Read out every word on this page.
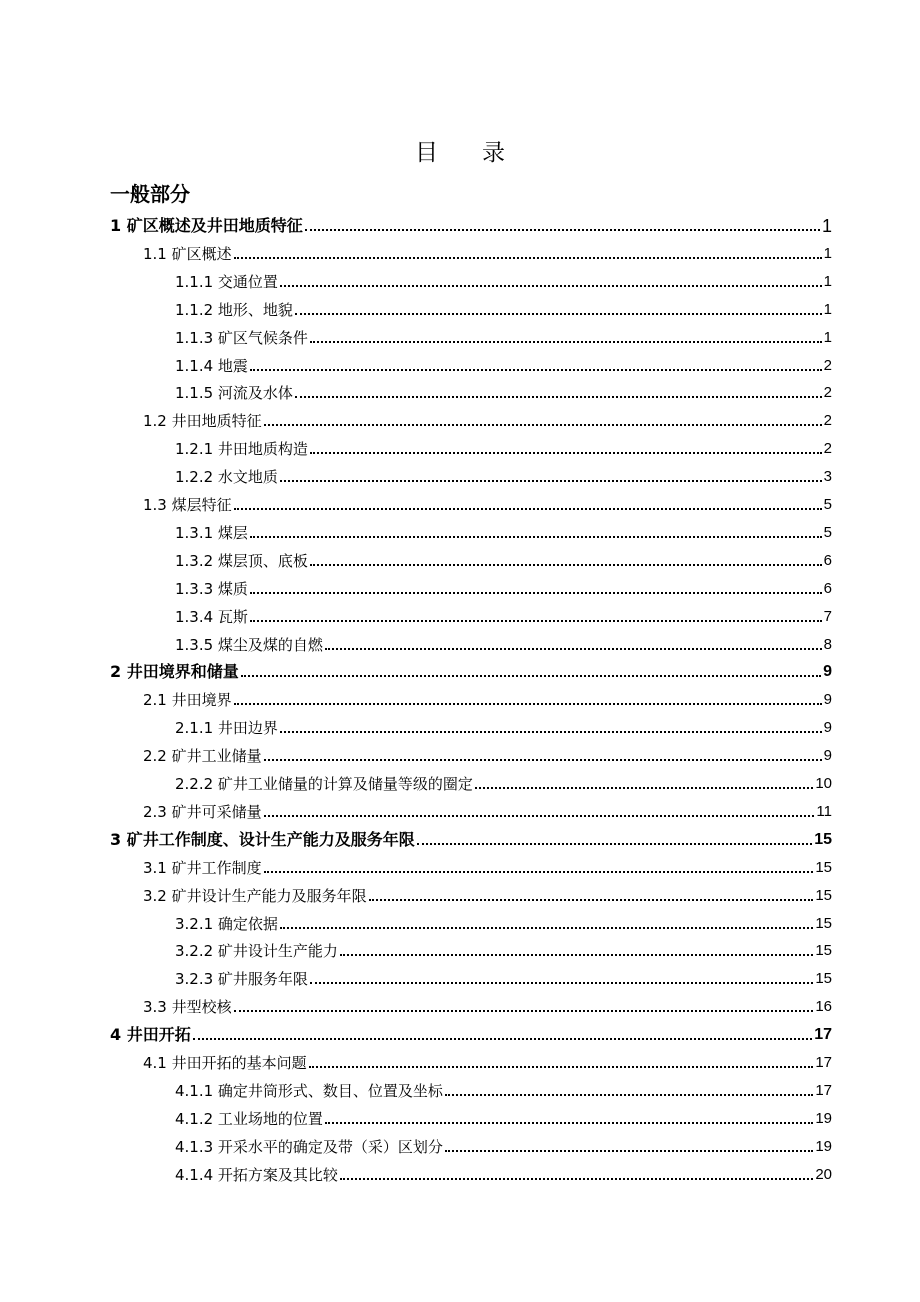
目 录
一般部分
1 矿区概述及井田地质特征	1
1.1 矿区概述	1
1.1.1 交通位置	1
1.1.2 地形、地貌	1
1.1.3 矿区气候条件	1
1.1.4 地震	2
1.1.5 河流及水体	2
1.2 井田地质特征	2
1.2.1 井田地质构造	2
1.2.2 水文地质	3
1.3 煤层特征	5
1.3.1 煤层	5
1.3.2 煤层顶、底板	6
1.3.3 煤质	6
1.3.4 瓦斯	7
1.3.5 煤尘及煤的自燃	8
2 井田境界和储量	9
2.1 井田境界	9
2.1.1 井田边界	9
2.2 矿井工业储量	9
2.2.2 矿井工业储量的计算及储量等级的圈定	10
2.3 矿井可采储量	11
3 矿井工作制度、设计生产能力及服务年限	15
3.1 矿井工作制度	15
3.2 矿井设计生产能力及服务年限	15
3.2.1 确定依据	15
3.2.2 矿井设计生产能力	15
3.2.3 矿井服务年限	15
3.3 井型校核	16
4 井田开拓	17
4.1 井田开拓的基本问题	17
4.1.1 确定井筒形式、数目、位置及坐标	17
4.1.2 工业场地的位置	19
4.1.3 开采水平的确定及带（采）区划分	19
4.1.4 开拓方案及其比较	20
